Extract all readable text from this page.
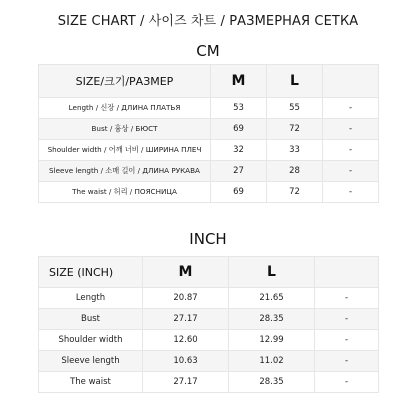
SIZE CHART / 사이즈 차트 / РАЗМЕРНАЯ СЕТКА
CM
SIZE/크기/РАЗМЕР	M	L	
Length / 신장 / ДЛИНА ПЛАТЬЯ	53	55	-
Bust / 흉상 / БЮСТ	69	72	-
Shoulder width / 어깨 너비 / ШИРИНА ПЛЕЧ	32	33	-
Sleeve length / 소매 길이 / ДЛИНА РУКАВА	27	28	-
The waist / 허리 / ПОЯСНИЦА	69	72	-
INCH
SIZE (INCH)	M	L	
Length	20.87	21.65	-
Bust	27.17	28.35	-
Shoulder width	12.60	12.99	-
Sleeve length	10.63	11.02	-
The waist	27.17	28.35	-
